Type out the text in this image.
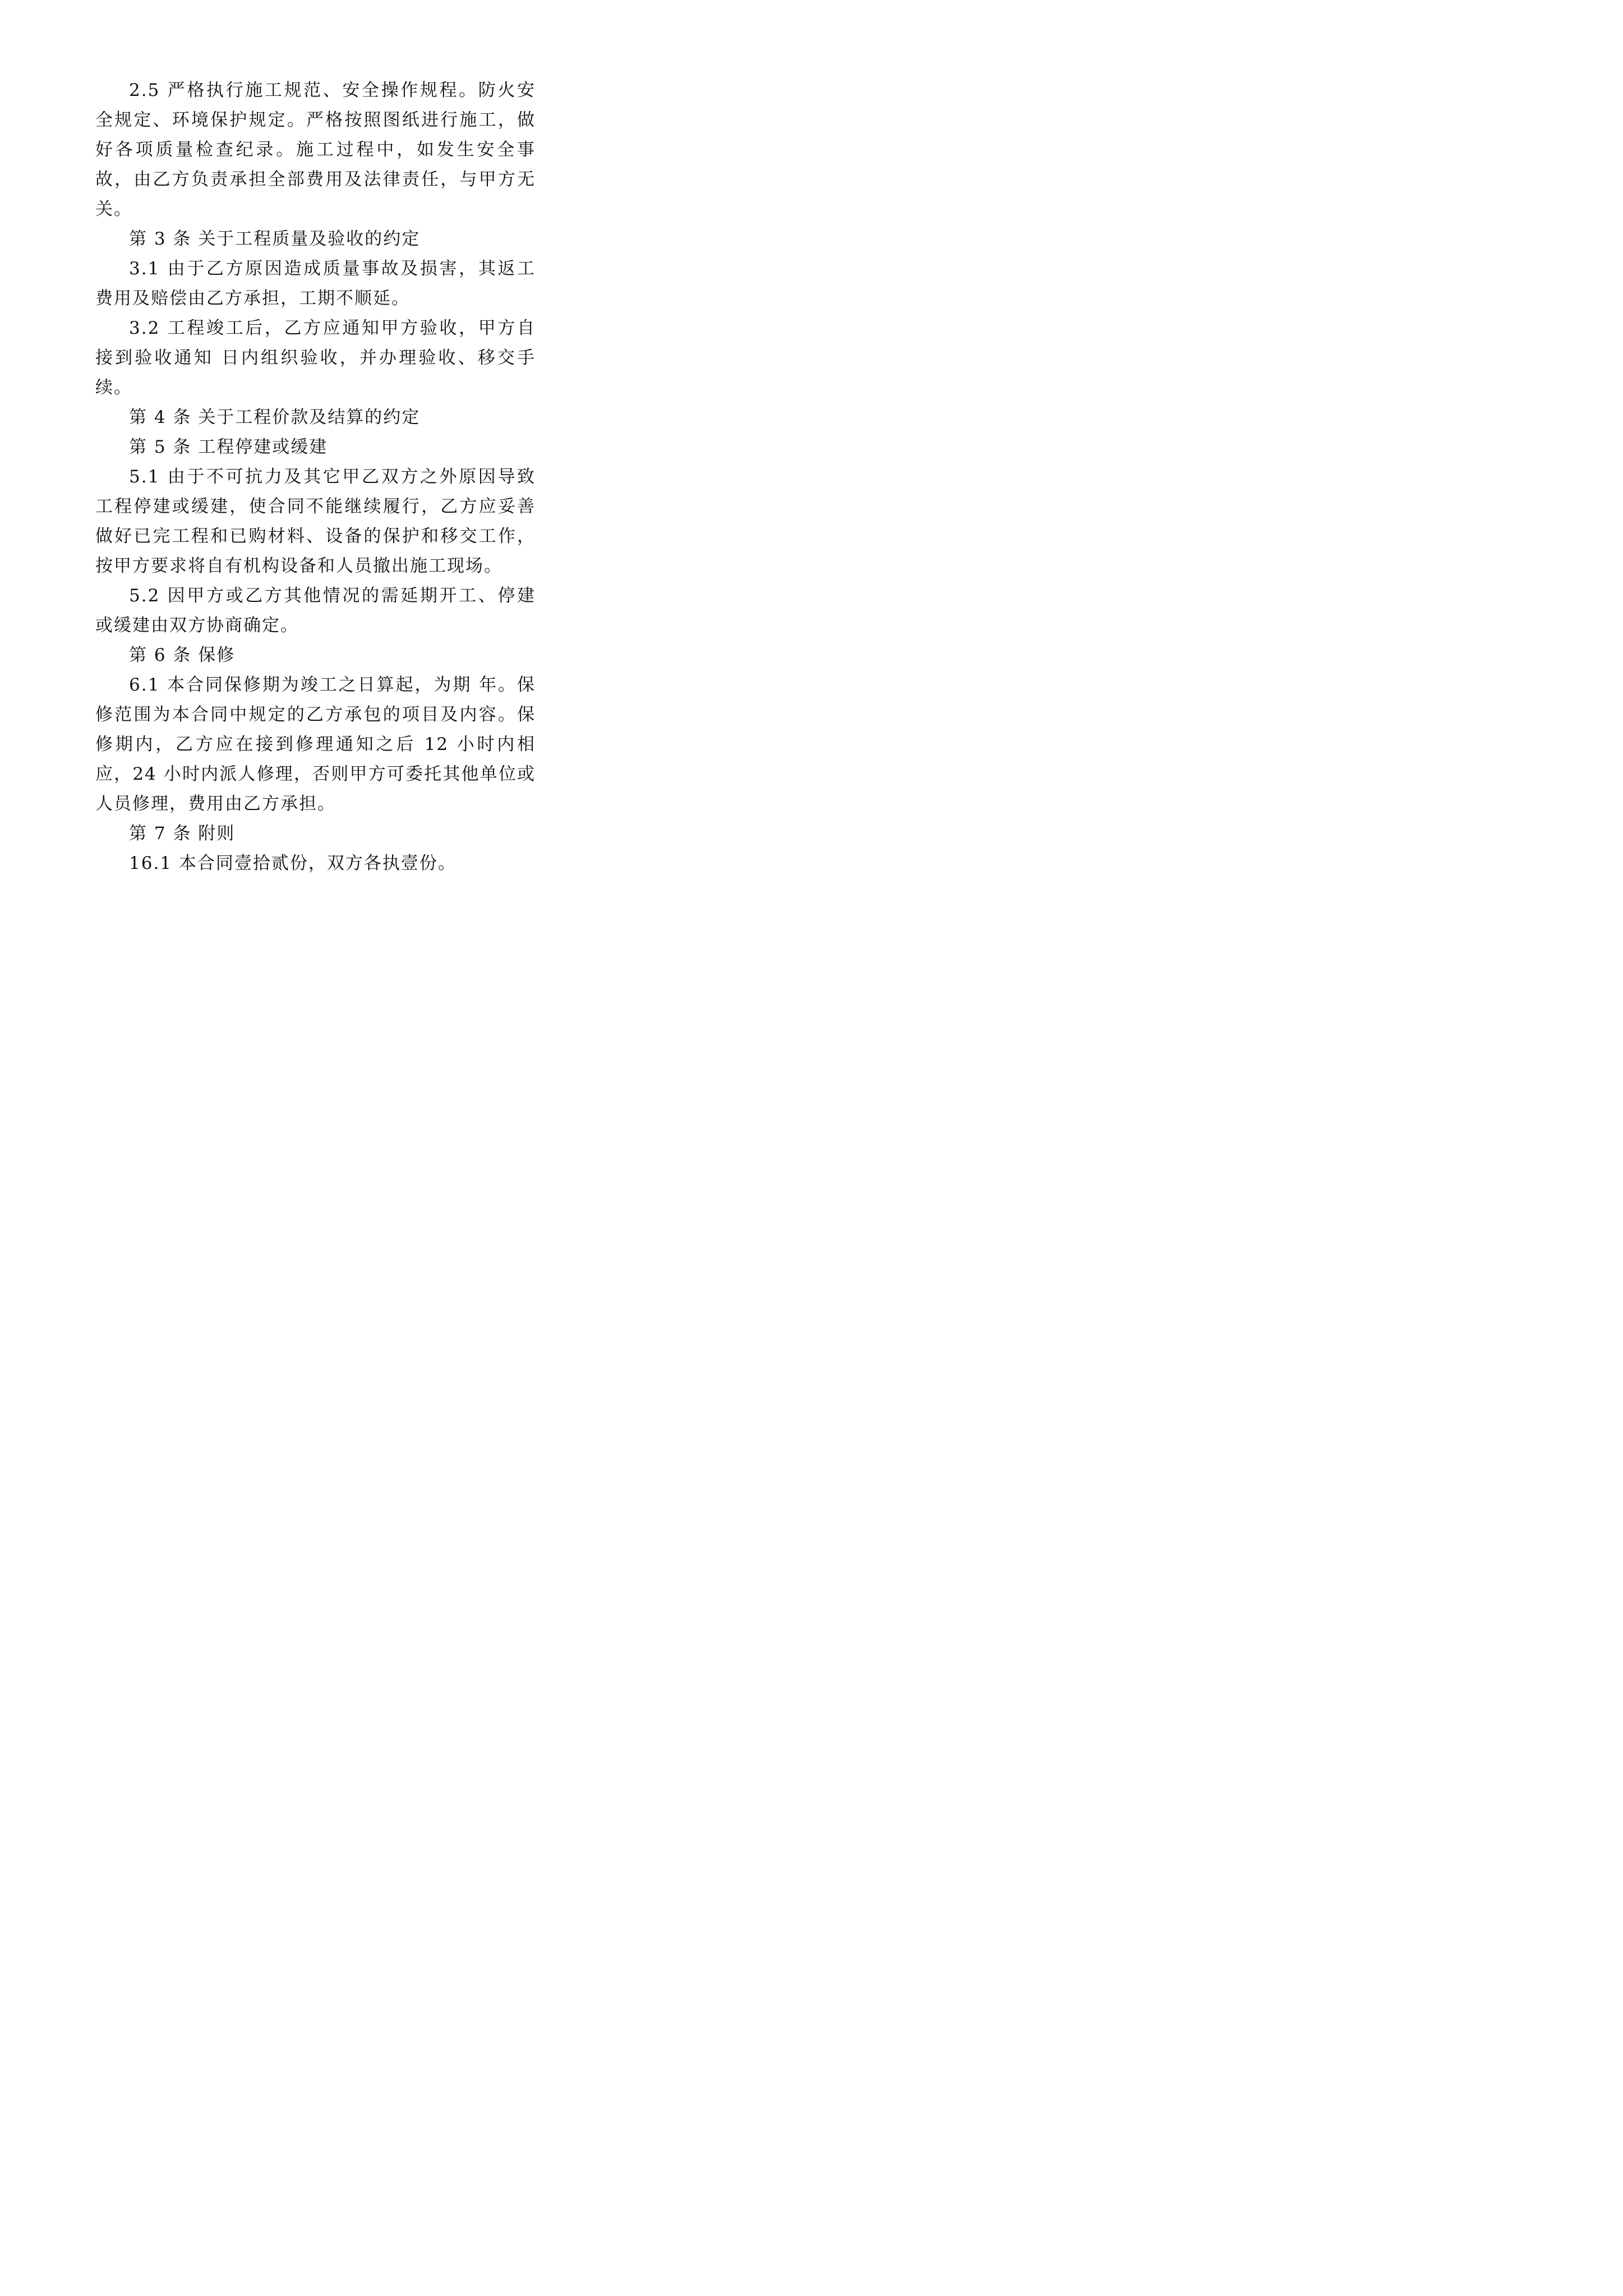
2.5 严格执行施工规范、安全操作规程。防火安全规定、环境保护规定。严格按照图纸进行施工，做好各项质量检查纪录。施工过程中，如发生安全事故，由乙方负责承担全部费用及法律责任，与甲方无关。

第 3 条 关于工程质量及验收的约定

3.1 由于乙方原因造成质量事故及损害，其返工费用及赔偿由乙方承担，工期不顺延。

3.2 工程竣工后，乙方应通知甲方验收，甲方自接到验收通知 日内组织验收，并办理验收、移交手续。

第 4 条 关于工程价款及结算的约定

第 5 条 工程停建或缓建

5.1 由于不可抗力及其它甲乙双方之外原因导致工程停建或缓建，使合同不能继续履行，乙方应妥善做好已完工程和已购材料、设备的保护和移交工作，按甲方要求将自有机构设备和人员撤出施工现场。

5.2 因甲方或乙方其他情况的需延期开工、停建或缓建由双方协商确定。

第 6 条 保修

6.1 本合同保修期为竣工之日算起，为期 年。保修范围为本合同中规定的乙方承包的项目及内容。保修期内，乙方应在接到修理通知之后 12 小时内相应，24 小时内派人修理，否则甲方可委托其他单位或人员修理，费用由乙方承担。

第 7 条 附则

16.1 本合同壹拾贰份，双方各执壹份。
